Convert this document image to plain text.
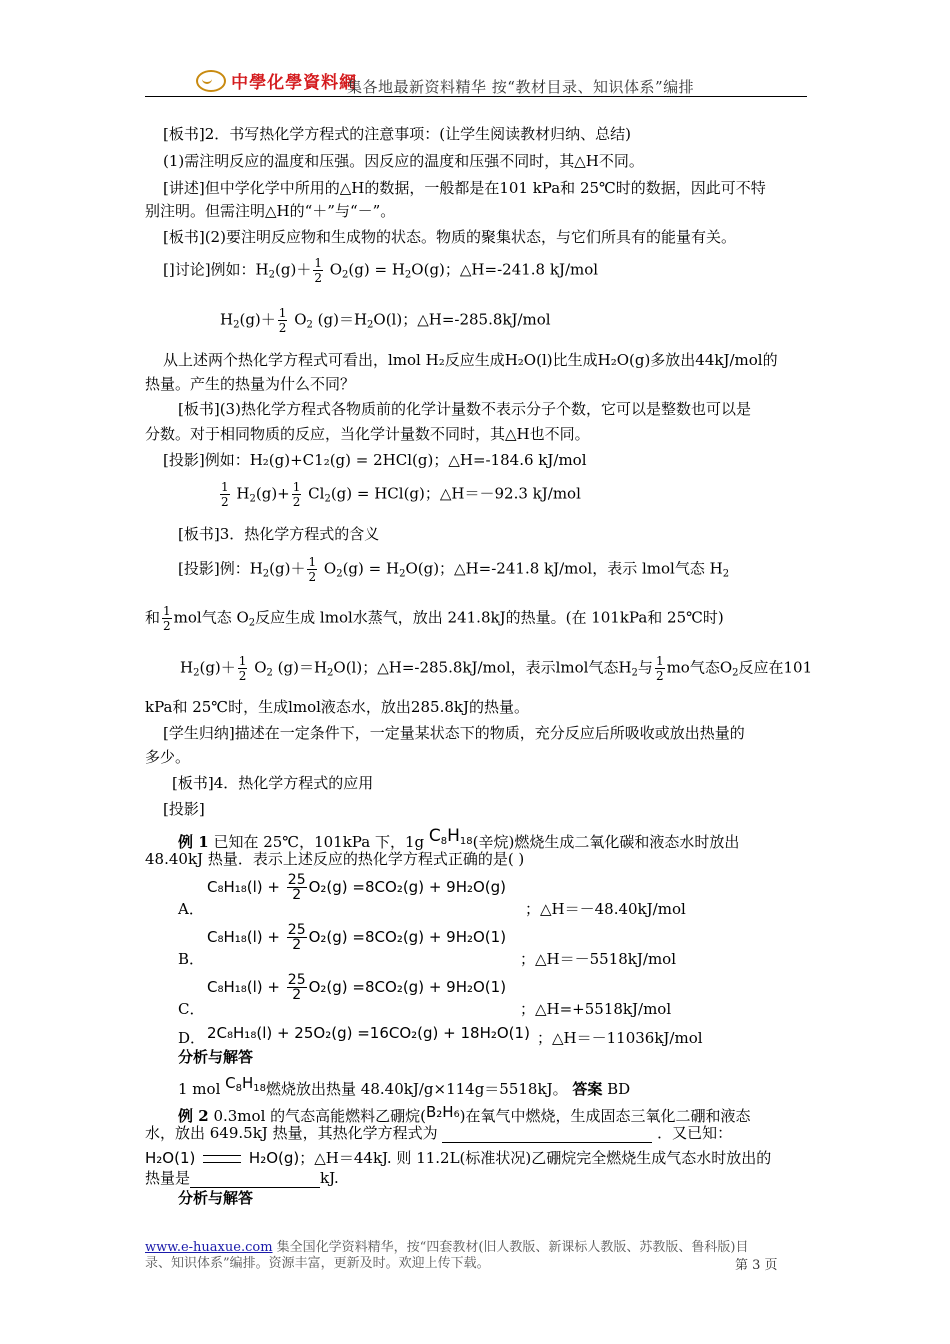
中學化學資料網
集各地最新资料精华 按“教材目录、知识体系”编排
[板书]2．书写热化学方程式的注意事项：(让学生阅读教材归纳、总结)
(1)需注明反应的温度和压强。因反应的温度和压强不同时，其△H不同。
[讲述]但中学化学中所用的△H的数据，一般都是在101 kPa和 25℃时的数据，因此可不特
别注明。但需注明△H的“＋”与“－”。
[板书](2)要注明反应物和生成物的状态。物质的聚集状态，与它们所具有的能量有关。
[]讨论]例如：$H_2(g)+ \frac{1}{2} O_2(g) = H_2O(g)$；△H=-241.8 kJ/mol
$H_2(g)+ \frac{1}{2} O_2$ $(g)=H_2O(l)$；△H=-285.8kJ/mol
从上述两个热化学方程式可看出，lmol H₂反应生成H₂O(l)比生成H₂O(g)多放出44kJ/mol的
热量。产生的热量为什么不同？
[板书](3)热化学方程式各物质前的化学计量数不表示分子个数，它可以是整数也可以是
分数。对于相同物质的反应，当化学计量数不同时，其△H也不同。
[投影]例如：H₂(g)+C1₂(g) = 2HCl(g)；△H=-184.6 kJ/mol
$\frac{1}{2} H_2(g)+ \frac{1}{2} Cl_2(g) = HCl(g)$；△H＝－92.3 kJ/mol
[板书]3．热化学方程式的含义
[投影]例：$H_2(g)+ \frac{1}{2} O_2(g) = H_2O(g)$；△H=-241.8 kJ/mol，表示 lmol气态 $H_2$
和 $\frac{1}{2}$ mol气态 $O_2$反应生成 lmol水蒸气，放出 241.8kJ的热量。(在 101kPa和 25℃时)
$H_2(g)+ \frac{1}{2} O_2$ $(g)=H_2O(l)$；△H=-285.8kJ/mol，表示lmol气态$H_2$与 $\frac{1}{2}$ mo气态$O_2$反应在101
kPa和 25℃时，生成lmol液态水，放出285.8kJ的热量。
[学生归纳]描述在一定条件下，一定量某状态下的物质，充分反应后所吸收或放出热量的
多少。
[板书]4．热化学方程式的应用
[投影]
例 1 已知在 25℃，101kPa 下，1g $C_8H_{18}$(辛烷)燃烧生成二氧化碳和液态水时放出
48.40kJ 热量．表示上述反应的热化学方程式正确的是( )
A．
$C_8H_{18}(l) + \frac{25}{2} O_2(g) =8CO_2(g) + 9H_2O(g)$
；△H＝－48.40kJ/mol
B．
$C_8H_{18}(l) + \frac{25}{2} O_2(g) =8CO_2(g) + 9H_2O(1)$
；△H＝－5518kJ/mol
C．
$C_8H_{18}(l) + \frac{25}{2} O_2(g) =8CO_2(g) + 9H_2O(1)$
；△H=+5518kJ/mol
D． 2C₈H₁₈(l) + 25O₂(g) =16CO₂(g) + 18H₂O(1) ；△H＝－11036kJ/mol
分析与解答
1 mol $C_8H_{18}$燃烧放出热量 48.40kJ/g×114g＝5518kJ。 答案 BD
例 2 0.3mol 的气态高能燃料乙硼烷(B₂H₆)在氧气中燃烧，生成固态三氧化二硼和液态
水，放出 649.5kJ 热量，其热化学方程式为	．又已知：
H₂O(1)	H₂O(g)；△H＝44kJ. 则 11.2L(标准状况)乙硼烷完全燃烧生成气态水时放出的
热量是	kJ.
分析与解答
www.e-huaxue.com 集全国化学资料精华，按“四套教材(旧人教版、新课标人教版、苏教版、鲁科版)目
录、知识体系”编排。资源丰富，更新及时。欢迎上传下载。	第 3 页
